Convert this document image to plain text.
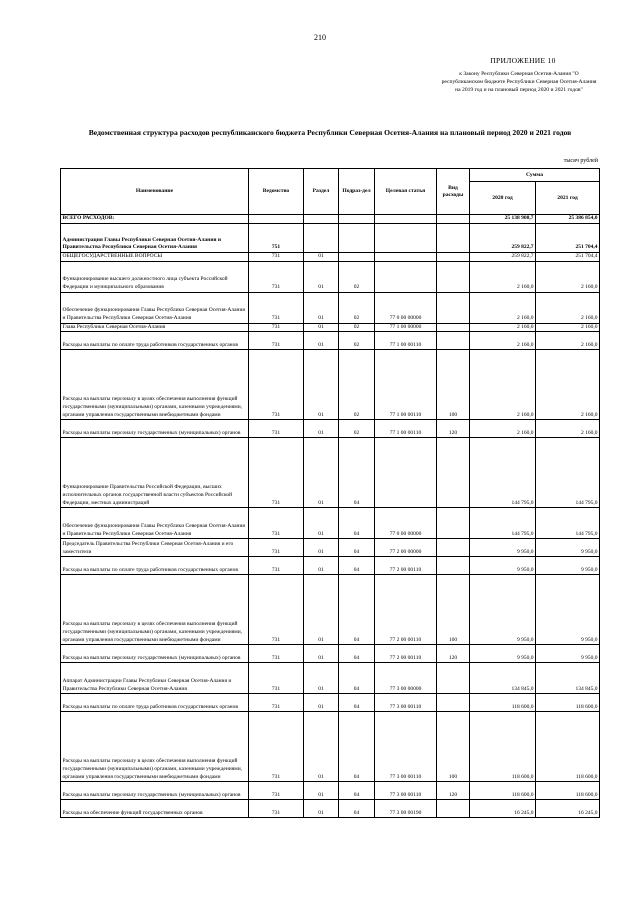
210
ПРИЛОЖЕНИЕ 10
к Закону Республики Северная Осетия-Алания "О республиканском бюджете Республики Северная Осетия-Алания на 2019 год и на плановый период 2020 и 2021 годов"
Ведомственная структура расходов республиканского бюджета Республики Северная Осетия-Алания на плановый период 2020 и 2021 годов
тысяч рублей
Наименование	Ведомство	Раздел	Подраз-дел	Целевая статья	Вид расходы	Сумма	
						2020 год	2021 год
ВСЕГО РАСХОДОВ:						25 138 908,7	25 386 854,0
Администрация Главы Республики Северная Осетия-Алания и Правительства Республики Северная Осетия-Алания	751					259 822,7	251 704,4
ОБЩЕГОСУДАРСТВЕННЫЕ ВОПРОСЫ	731	01				259 822,7	251 704,4
Функционирование высшего должностного лица субъекта Российской Федерации и муниципального образования	731	01	02			2 160,0	2 160,0
Обеспечение функционирования Главы Республики Северная Осетия-Алания и Правительства Республики Северная Осетия-Алания	731	01	02	77 0 00 00000		2 160,0	2 160,0
Глава Республики Северная Осетия-Алания	731	01	02	77 1 00 00000		2 160,0	2 160,0
Расходы на выплаты по оплате труда работников государственных органов	731	01	02	77 1 00 00110		2 160,0	2 160,0
Расходы на выплаты персоналу в целях обеспечения выполнения функций государственными (муниципальными) органами, казенными учреждениями, органами управления государственными внебюджетными фондами	731	01	02	77 1 00 00110	100	2 160,0	2 160,0
Расходы на выплаты персоналу государственных (муниципальных) органов	731	01	02	77 1 00 00110	120	2 160,0	2 160,0
Функционирование Правительства Российской Федерации, высших исполнительных органов государственной власти субъектов Российской Федерации, местных администраций	731	01	04			144 795,0	144 795,0
Обеспечение функционирования Главы Республики Северная Осетия-Алания и Правительства Республики Северная Осетия-Алания	731	01	04	77 0 00 00000		144 795,0	144 795,0
Председатель Правительства Республики Северная Осетия-Алания и его заместители	731	01	04	77 2 00 00000		9 950,0	9 950,0
Расходы на выплаты по оплате труда работников государственных органов	731	01	04	77 2 00 00110		9 950,0	9 950,0
Расходы на выплаты персоналу в целях обеспечения выполнения функций государственными (муниципальными) органами, казенными учреждениями, органами управления государственными внебюджетными фондами	731	01	04	77 2 00 00110	100	9 950,0	9 950,0
Расходы на выплаты персоналу государственных (муниципальных) органов	731	01	04	77 2 00 00110	120	9 950,0	9 950,0
Аппарат Администрации Главы Республики Северная Осетия-Алания и Правительства Республики Северная Осетия-Алания	731	01	04	77 3 00 00000		134 845,0	134 845,0
Расходы на выплаты по оплате труда работников государственных органов	731	01	04	77 3 00 00110		118 600,0	118 600,0
Расходы на выплаты персоналу в целях обеспечения выполнения функций государственными (муниципальными) органами, казенными учреждениями, органами управления государственными внебюджетными фондами	731	01	04	77 3 00 00110	100	118 600,0	118 600,0
Расходы на выплаты персоналу государственных (муниципальных) органов	731	01	04	77 3 00 00110	120	118 600,0	118 600,0
Расходы на обеспечение функций государственных органов	731	01	04	77 3 00 00190		16 245,0	16 245,0
